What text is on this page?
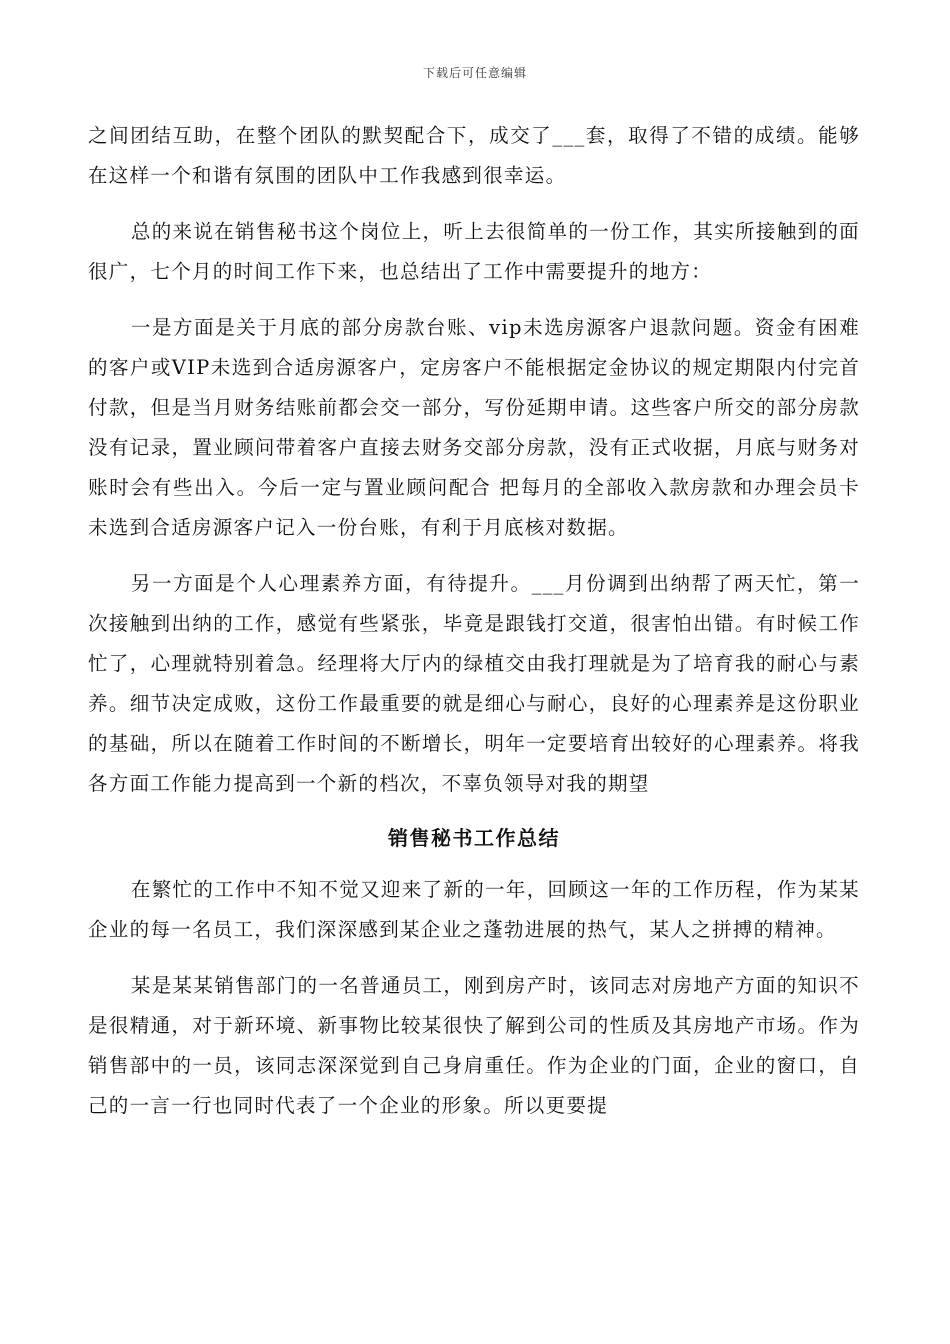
下载后可任意编辑

之间团结互助，在整个团队的默契配合下，成交了___套，取得了不错的成绩。能够在这样一个和谐有氛围的团队中工作我感到很幸运。

总的来说在销售秘书这个岗位上，听上去很简单的一份工作，其实所接触到的面很广，七个月的时间工作下来，也总结出了工作中需要提升的地方：

一是方面是关于月底的部分房款台账、vip未选房源客户退款问题。资金有困难的客户或VIP未选到合适房源客户，定房客户不能根据定金协议的规定期限内付完首付款，但是当月财务结账前都会交一部分，写份延期申请。这些客户所交的部分房款没有记录，置业顾问带着客户直接去财务交部分房款，没有正式收据，月底与财务对账时会有些出入。今后一定与置业顾问配合 把每月的全部收入款房款和办理会员卡未选到合适房源客户记入一份台账，有利于月底核对数据。

另一方面是个人心理素养方面，有待提升。___月份调到出纳帮了两天忙，第一次接触到出纳的工作，感觉有些紧张，毕竟是跟钱打交道，很害怕出错。有时候工作忙了，心理就特别着急。经理将大厅内的绿植交由我打理就是为了培育我的耐心与素养。细节决定成败，这份工作最重要的就是细心与耐心，良好的心理素养是这份职业的基础，所以在随着工作时间的不断增长，明年一定要培育出较好的心理素养。将我各方面工作能力提高到一个新的档次，不辜负领导对我的期望

销售秘书工作总结

在繁忙的工作中不知不觉又迎来了新的一年，回顾这一年的工作历程，作为某某企业的每一名员工，我们深深感到某企业之蓬勃进展的热气，某人之拼搏的精神。

某是某某销售部门的一名普通员工，刚到房产时，该同志对房地产方面的知识不是很精通，对于新环境、新事物比较某很快了解到公司的性质及其房地产市场。作为销售部中的一员，该同志深深觉到自己身肩重任。作为企业的门面，企业的窗口，自己的一言一行也同时代表了一个企业的形象。所以更要提
